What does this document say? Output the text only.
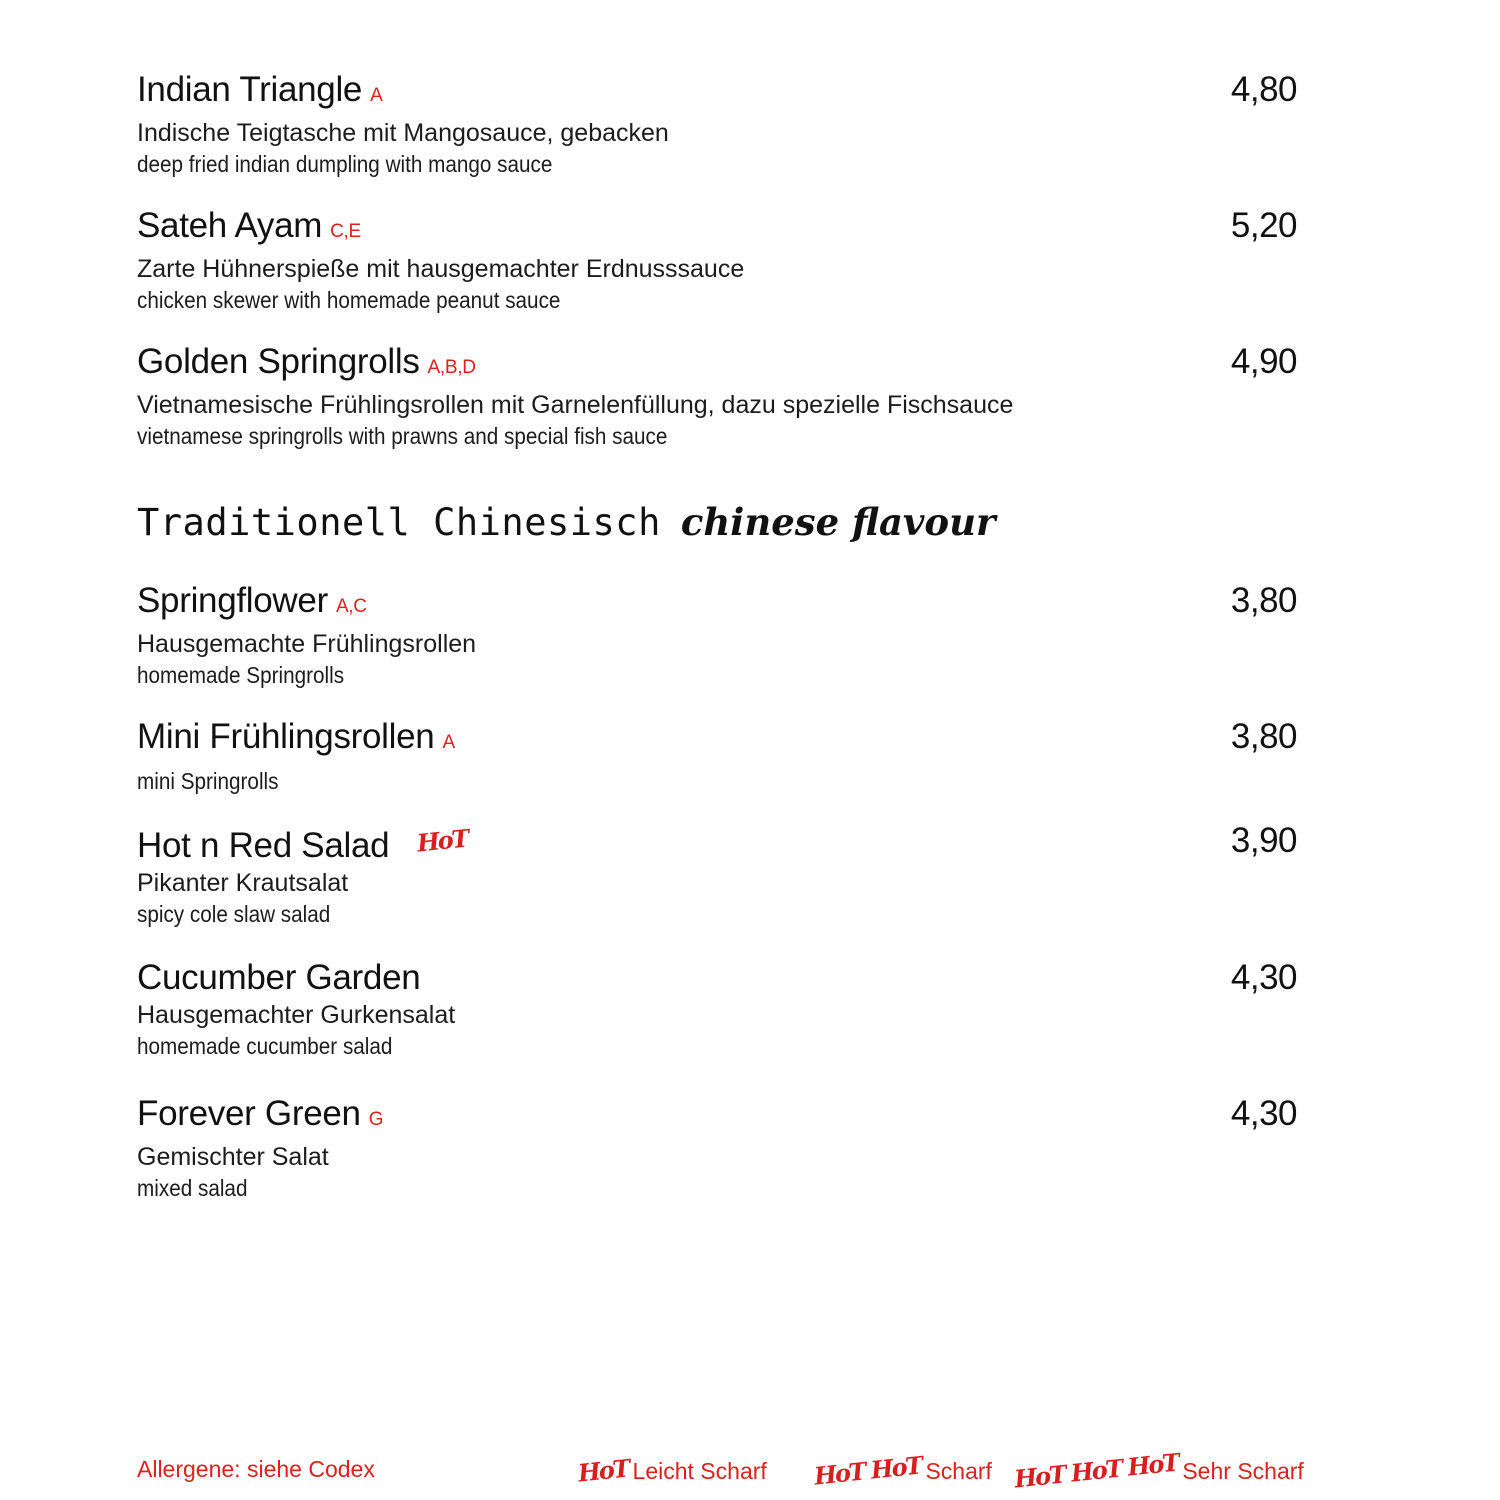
Indian Triangle A	4,80
Indische Teigtasche mit Mangosauce, gebacken
deep fried indian dumpling with mango sauce
Sateh Ayam C,E	5,20
Zarte Hühnerspieße mit hausgemachter Erdnusssauce
chicken skewer with homemade peanut sauce
Golden Springrolls A,B,D	4,90
Vietnamesische Frühlingsrollen mit Garnelenfüllung, dazu spezielle Fischsauce
vietnamese springrolls with prawns and special fish sauce
Traditionell Chinesisch chinese flavour
Springflower A,C	3,80
Hausgemachte Frühlingsrollen
homemade Springrolls
Mini Frühlingsrollen A	3,80
mini Springrolls
Hot n Red Salad HoT	3,90
Pikanter Krautsalat
spicy cole slaw salad
Cucumber Garden	4,30
Hausgemachter Gurkensalat
homemade cucumber salad
Forever Green G	4,30
Gemischter Salat
mixed salad
Allergene: siehe Codex	HoT Leicht Scharf HoT HoT Scharf HoT HoT HoT Sehr Scharf
